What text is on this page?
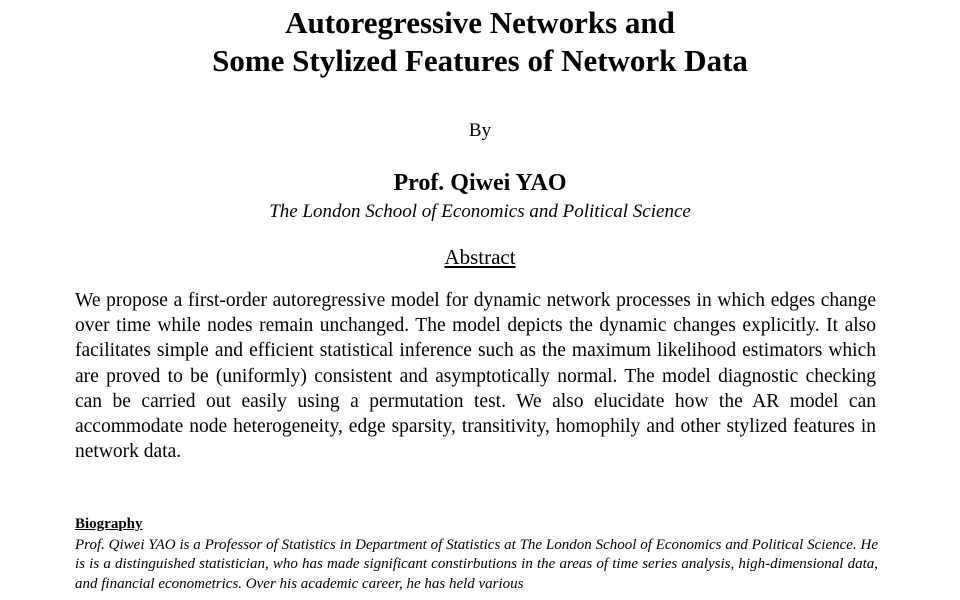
Autoregressive Networks and
Some Stylized Features of Network Data
By
Prof. Qiwei YAO
The London School of Economics and Political Science
Abstract

We propose a first-order autoregressive model for dynamic network processes in which edges change over time while nodes remain unchanged. The model depicts the dynamic changes explicitly. It also facilitates simple and efficient statistical inference such as the maximum likelihood estimators which are proved to be (uniformly) consistent and asymptotically normal. The model diagnostic checking can be carried out easily using a permutation test. We also elucidate how the AR model can accommodate node heterogeneity, edge sparsity, transitivity, homophily and other stylized features in network data.

Biography

Prof. Qiwei YAO is a Professor of Statistics in Department of Statistics at The London School of Economics and Political Science. He is is a distinguished statistician, who has made significant constirbutions in the areas of time series analysis, high-dimensional data, and financial econometrics. Over his academic career, he has held various
